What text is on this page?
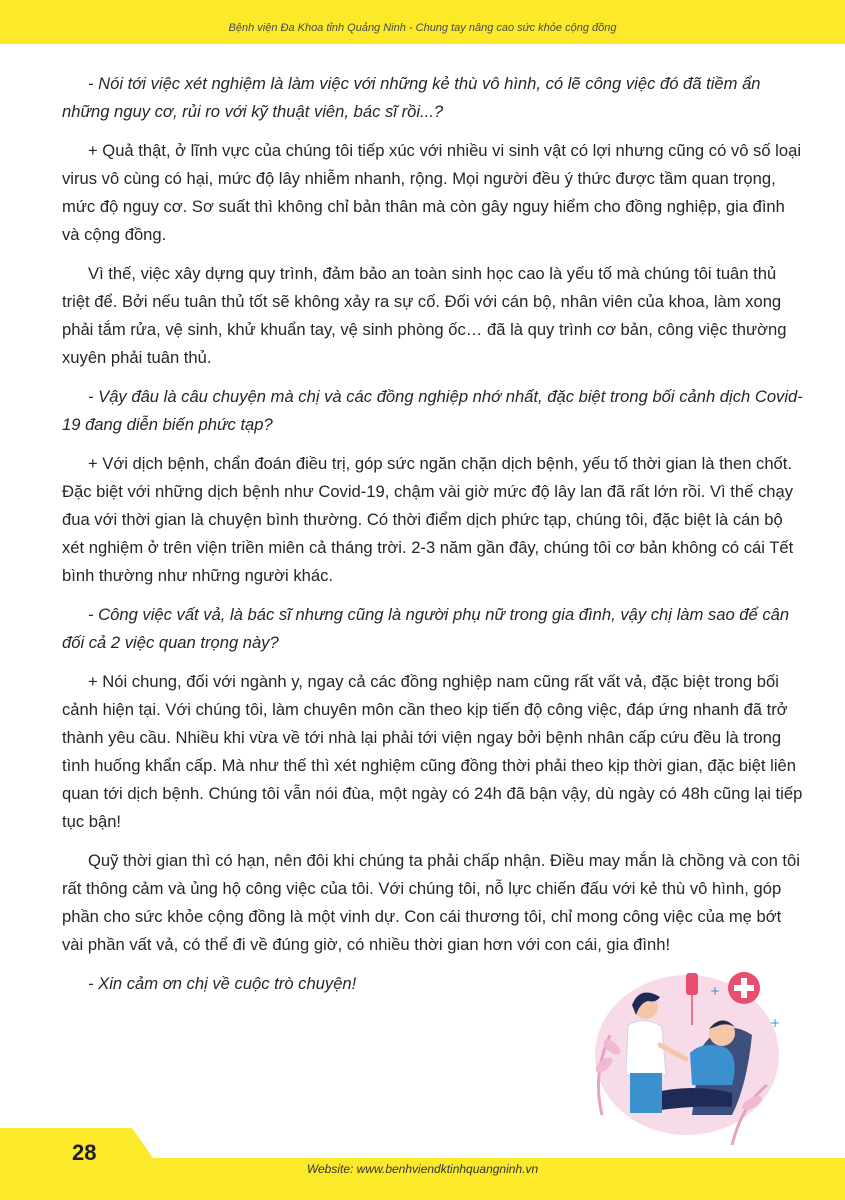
Bệnh viện Đa Khoa tỉnh Quảng Ninh - Chung tay nâng cao sức khỏe cộng đồng

- Nói tới việc xét nghiệm là làm việc với những kẻ thù vô hình, có lẽ công việc đó đã tiềm ẩn những nguy cơ, rủi ro với kỹ thuật viên, bác sĩ rồi...?

+ Quả thật, ở lĩnh vực của chúng tôi tiếp xúc với nhiều vi sinh vật có lợi nhưng cũng có vô số loại virus vô cùng có hại, mức độ lây nhiễm nhanh, rộng. Mọi người đều ý thức được tầm quan trọng, mức độ nguy cơ. Sơ suất thì không chỉ bản thân mà còn gây nguy hiểm cho đồng nghiệp, gia đình và cộng đồng.

Vì thế, việc xây dựng quy trình, đảm bảo an toàn sinh học cao là yếu tố mà chúng tôi tuân thủ triệt để. Bởi nếu tuân thủ tốt sẽ không xảy ra sự cố. Đối với cán bộ, nhân viên của khoa, làm xong phải tắm rửa, vệ sinh, khử khuẩn tay, vệ sinh phòng ốc… đã là quy trình cơ bản, công việc thường xuyên phải tuân thủ.

- Vậy đâu là câu chuyện mà chị và các đồng nghiệp nhớ nhất, đặc biệt trong bối cảnh dịch Covid-19 đang diễn biến phức tạp?

+ Với dịch bệnh, chẩn đoán điều trị, góp sức ngăn chặn dịch bệnh, yếu tố thời gian là then chốt. Đặc biệt với những dịch bệnh như Covid-19, chậm vài giờ mức độ lây lan đã rất lớn rồi. Vì thế chạy đua với thời gian là chuyện bình thường. Có thời điểm dịch phức tạp, chúng tôi, đặc biệt là cán bộ xét nghiệm ở trên viện triền miên cả tháng trời. 2-3 năm gần đây, chúng tôi cơ bản không có cái Tết bình thường như những người khác.

- Công việc vất vả, là bác sĩ nhưng cũng là người phụ nữ trong gia đình, vậy chị làm sao để cân đối cả 2 việc quan trọng này?

+ Nói chung, đối với ngành y, ngay cả các đồng nghiệp nam cũng rất vất vả, đặc biệt trong bối cảnh hiện tại. Với chúng tôi, làm chuyên môn cần theo kịp tiến độ công việc, đáp ứng nhanh đã trở thành yêu cầu. Nhiều khi vừa về tới nhà lại phải tới viện ngay bởi bệnh nhân cấp cứu đều là trong tình huống khẩn cấp. Mà như thế thì xét nghiệm cũng đồng thời phải theo kịp thời gian, đặc biệt liên quan tới dịch bệnh. Chúng tôi vẫn nói đùa, một ngày có 24h đã bận vậy, dù ngày có 48h cũng lại tiếp tục bận!

Quỹ thời gian thì có hạn, nên đôi khi chúng ta phải chấp nhận. Điều may mắn là chồng và con tôi rất thông cảm và ủng hộ công việc của tôi. Với chúng tôi, nỗ lực chiến đấu với kẻ thù vô hình, góp phần cho sức khỏe cộng đồng là một vinh dự. Con cái thương tôi, chỉ mong công việc của mẹ bớt vài phần vất vả, có thể đi về đúng giờ, có nhiều thời gian hơn với con cái, gia đình!

- Xin cảm ơn chị về cuộc trò chuyện!	+
+
28
Website: www.benhviendktinhquangninh.vn
